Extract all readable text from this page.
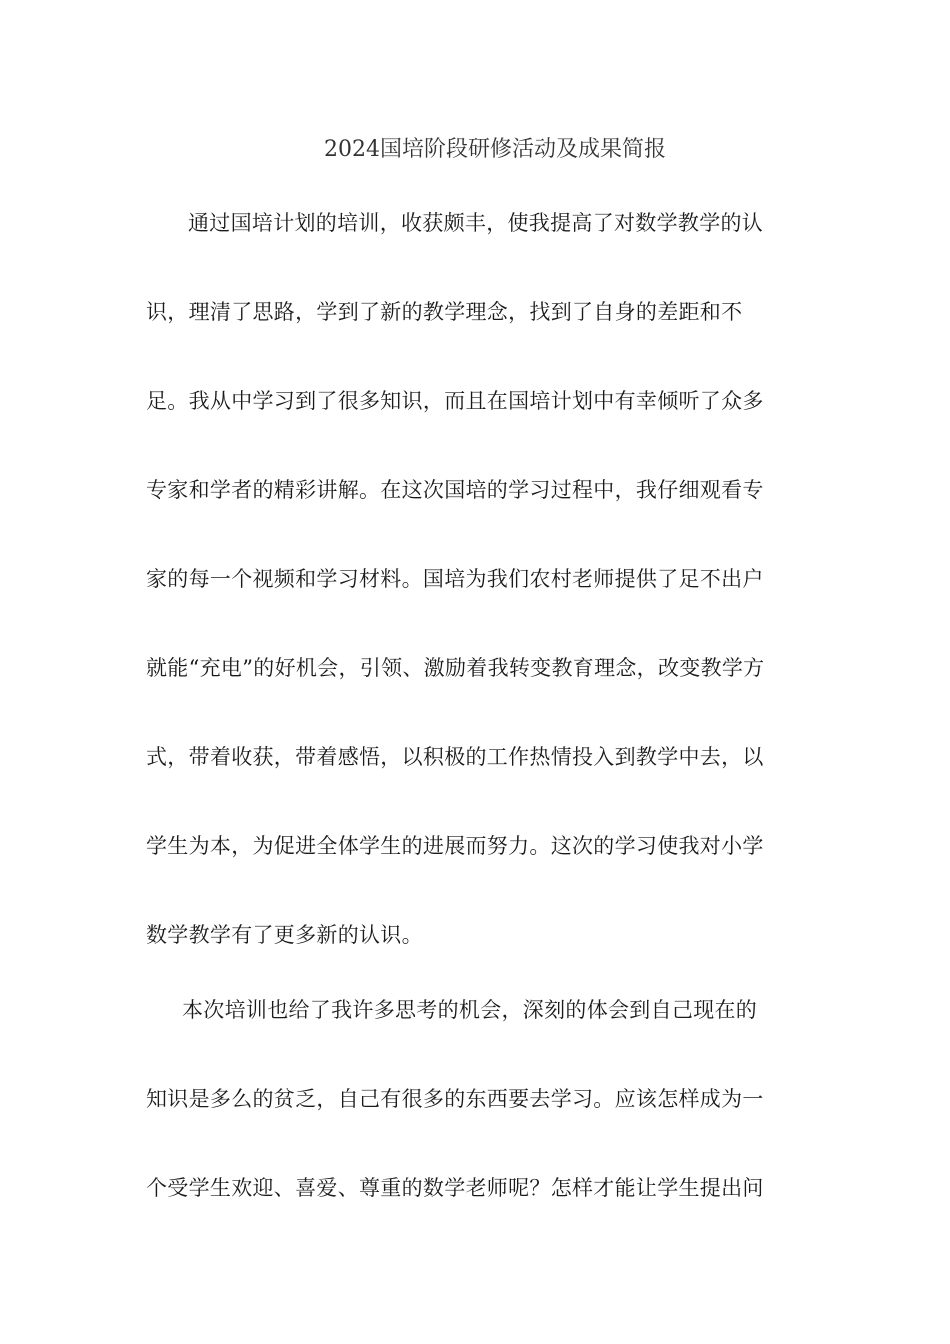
2024国培阶段研修活动及成果简报
通过国培计划的培训，收获颇丰，使我提高了对数学教学的认
识，理清了思路，学到了新的教学理念，找到了自身的差距和不
足。我从中学习到了很多知识，而且在国培计划中有幸倾听了众多
专家和学者的精彩讲解。在这次国培的学习过程中，我仔细观看专
家的每一个视频和学习材料。国培为我们农村老师提供了足不出户
就能“充电”的好机会，引领、激励着我转变教育理念，改变教学方
式，带着收获，带着感悟，以积极的工作热情投入到教学中去，以
学生为本，为促进全体学生的进展而努力。这次的学习使我对小学
数学教学有了更多新的认识。
本次培训也给了我许多思考的机会，深刻的体会到自己现在的
知识是多么的贫乏，自己有很多的东西要去学习。应该怎样成为一
个受学生欢迎、喜爱、尊重的数学老师呢？怎样才能让学生提出问
